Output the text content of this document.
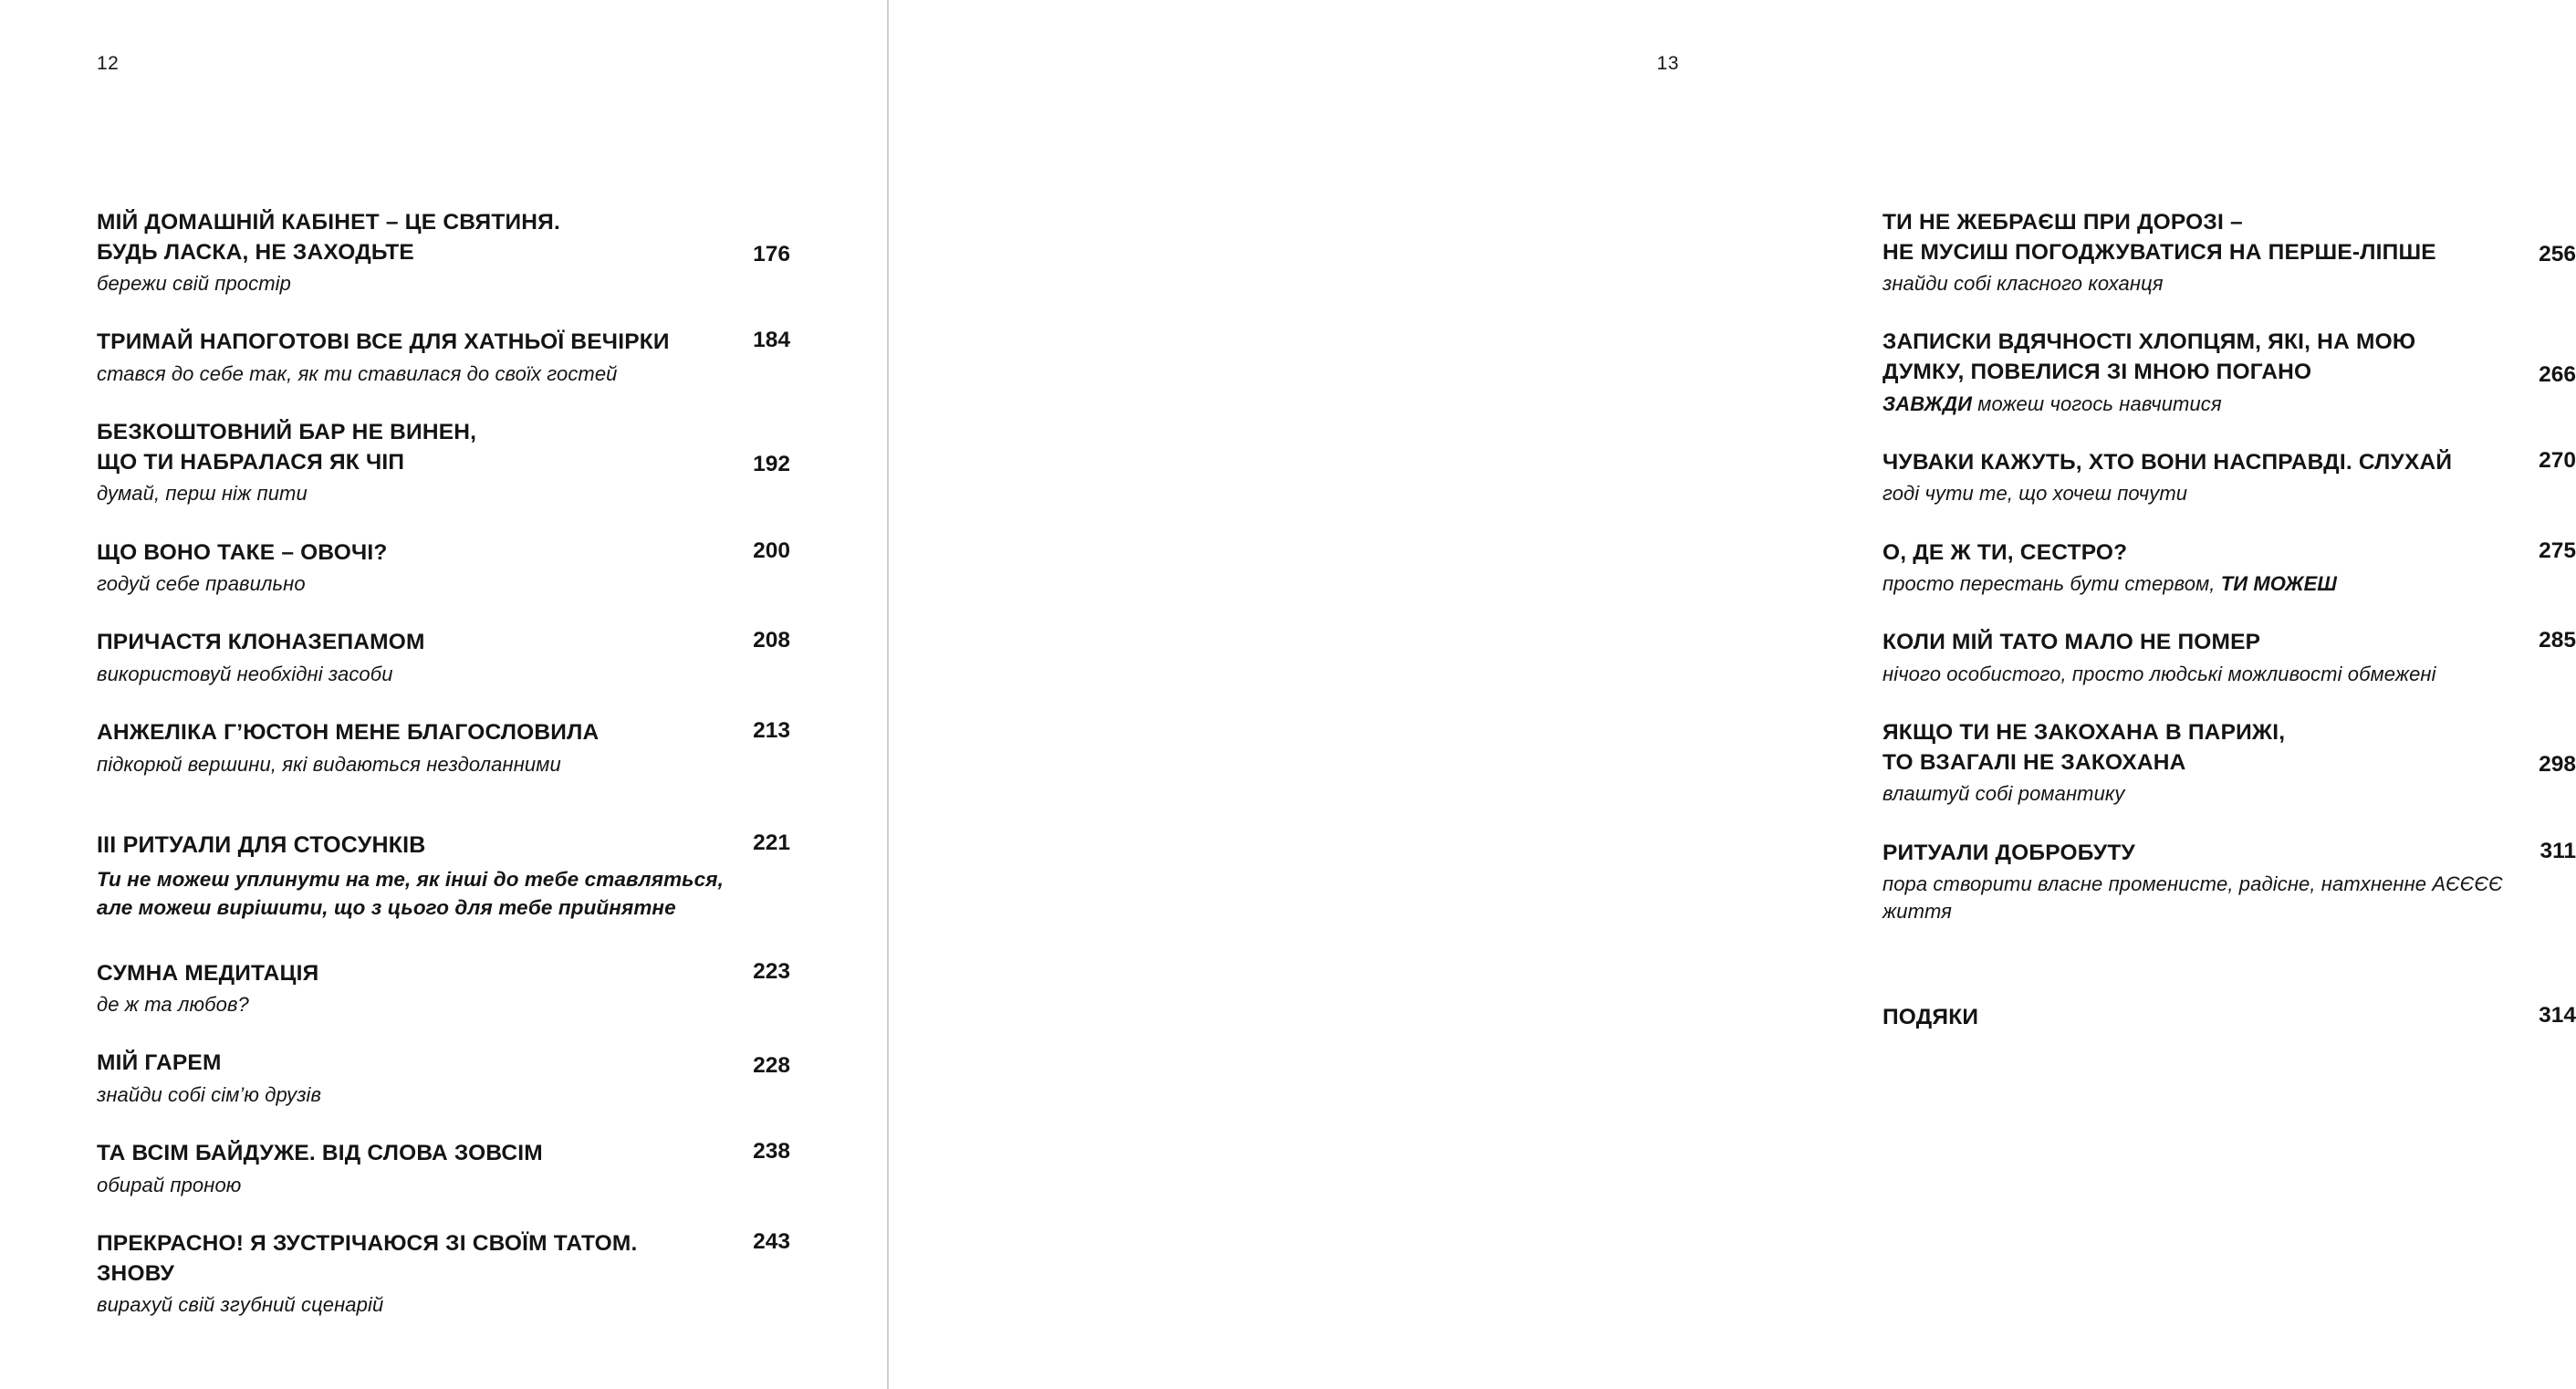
12
МІЙ ДОМАШНІЙ КАБІНЕТ – ЦЕ СВЯТИНЯ.
БУДЬ ЛАСКА, НЕ ЗАХОДЬТЕ	176
бережи свій простір
ТРИМАЙ НАПОГОТОВІ ВСЕ ДЛЯ ХАТНЬОЇ ВЕЧІРКИ	184
стався до себе так, як ти ставилася до своїх гостей
БЕЗКОШТОВНИЙ БАР НЕ ВИНЕН,
ЩО ТИ НАБРАЛАСЯ ЯК ЧІП	192
думай, перш ніж пити
ЩО ВОНО ТАКЕ – ОВОЧІ?	200
годуй себе правильно
ПРИЧАСТЯ КЛОНАЗЕПАМОМ	208
використовуй необхідні засоби
АНЖЕЛІКА Г’ЮСТОН МЕНЕ БЛАГОСЛОВИЛА	213
підкорюй вершини, які видаються нездоланними
III РИТУАЛИ ДЛЯ СТОСУНКІВ	221
Ти не можеш уплинути на те, як інші до тебе ставляться, але можеш вирішити, що з цього для тебе прийнятне
СУМНА МЕДИТАЦІЯ	223
де ж та любов?
МІЙ ГАРЕМ	228
знайди собі сім’ю друзів
ТА ВСІМ БАЙДУЖЕ. ВІД СЛОВА ЗОВСІМ	238
обирай проною
ПРЕКРАСНО! Я ЗУСТРІЧАЮСЯ ЗІ СВОЇМ ТАТОМ. ЗНОВУ
243
вирахуй свій згубний сценарій
13
ТИ НЕ ЖЕБРАЄШ ПРИ ДОРОЗІ –
НЕ МУСИШ ПОГОДЖУВАТИСЯ НА ПЕРШЕ-ЛІПШЕ	256
знайди собі класного коханця
ЗАПИСКИ ВДЯЧНОСТІ ХЛОПЦЯМ, ЯКІ, НА МОЮ
ДУМКУ, ПОВЕЛИСЯ ЗІ МНОЮ ПОГАНО	266
ЗАВЖДИ можеш чогось навчитися
ЧУВАКИ КАЖУТЬ, ХТО ВОНИ НАСПРАВДІ. СЛУХАЙ	270
годі чути те, що хочеш почути
О, ДЕ Ж ТИ, СЕСТРО?	275
просто перестань бути стервом, ТИ МОЖЕШ
КОЛИ МІЙ ТАТО МАЛО НЕ ПОМЕР	285
нічого особистого, просто людські можливості обмежені
ЯКЩО ТИ НЕ ЗАКОХАНА В ПАРИЖІ,
ТО ВЗАГАЛІ НЕ ЗАКОХАНА	298
влаштуй собі романтику
РИТУАЛИ ДОБРОБУТУ	311
пора створити власне променисте, радісне, натхненне АЄЄЄЄ життя
ПОДЯКИ	314
